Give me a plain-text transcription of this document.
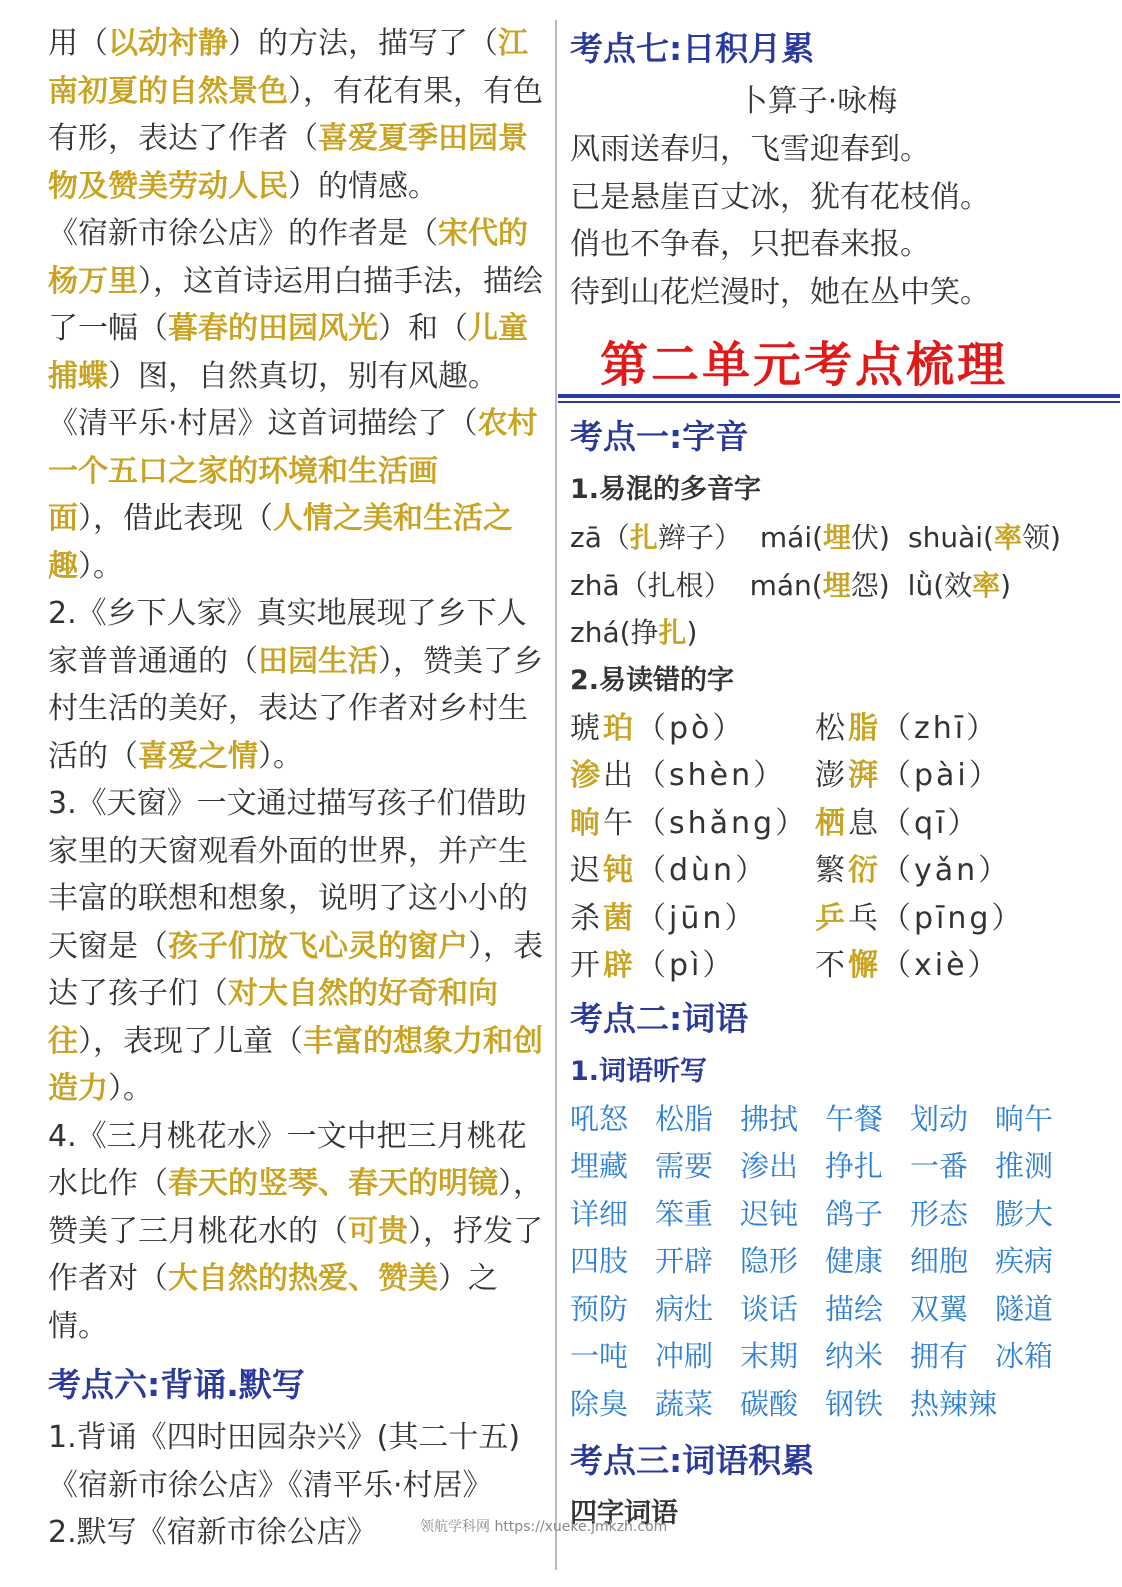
用（以动衬静）的方法，描写了（江南初夏的自然景色），有花有果，有色有形，表达了作者（喜爱夏季田园景物及赞美劳动人民）的情感。

《宿新市徐公店》的作者是（宋代的杨万里），这首诗运用白描手法，描绘了一幅（暮春的田园风光）和（儿童捕蝶）图，自然真切，别有风趣。

《清平乐·村居》这首词描绘了（农村一个五口之家的环境和生活画
面），借此表现（人情之美和生活之趣）。

2.《乡下人家》真实地展现了乡下人家普普通通的（田园生活），赞美了乡村生活的美好，表达了作者对乡村生活的（喜爱之情）。

3.《天窗》一文通过描写孩子们借助家里的天窗观看外面的世界，并产生丰富的联想和想象，说明了这小小的天窗是（孩子们放飞心灵的窗户），表达了孩子们（对大自然的好奇和向往），表现了儿童（丰富的想象力和创造力）。

4.《三月桃花水》一文中把三月桃花水比作（春天的竖琴、春天的明镜），赞美了三月桃花水的（可贵），抒发了作者对（大自然的热爱、赞美）之情。

考点六:背诵.默写

1.背诵《四时田园杂兴》(其二十五)

《宿新市徐公店》《清平乐·村居》

2.默写《宿新市徐公店》

考点七:日积月累

卜算子·咏梅

风雨送春归，飞雪迎春到。

已是悬崖百丈冰，犹有花枝俏。

俏也不争春，只把春来报。

待到山花烂漫时，她在丛中笑。

第二单元考点梳理

考点一:字音

1.易混的多音字

zā（扎辫子） mái(埋伏) shuài(率领)
zhā（扎根） mán(埋怨) lǜ(效率)
zhá(挣扎)

2.易读错的字

琥珀（pò）	松脂（zhī）
渗出（shèn） 澎湃（pài）
晌午（shǎng） 栖息（qī）
迟钝（dùn）	繁衍（yǎn）
杀菌（jūn）	乒乓（pīng）
开辟（pì）	不懈（xiè）

考点二:词语

1.词语听写

吼怒 松脂 拂拭 午餐 划动 晌午
埋藏 需要 渗出 挣扎 一番 推测
详细 笨重 迟钝 鸽子 形态 膨大
四肢 开辟 隐形 健康 细胞 疾病
预防 病灶 谈话 描绘 双翼 隧道
一吨 冲刷 末期 纳米 拥有 冰箱
除臭 蔬菜 碳酸 钢铁 热辣辣

考点三:词语积累

四字词语

领航学科网 https://xueke.jmkzh.com
